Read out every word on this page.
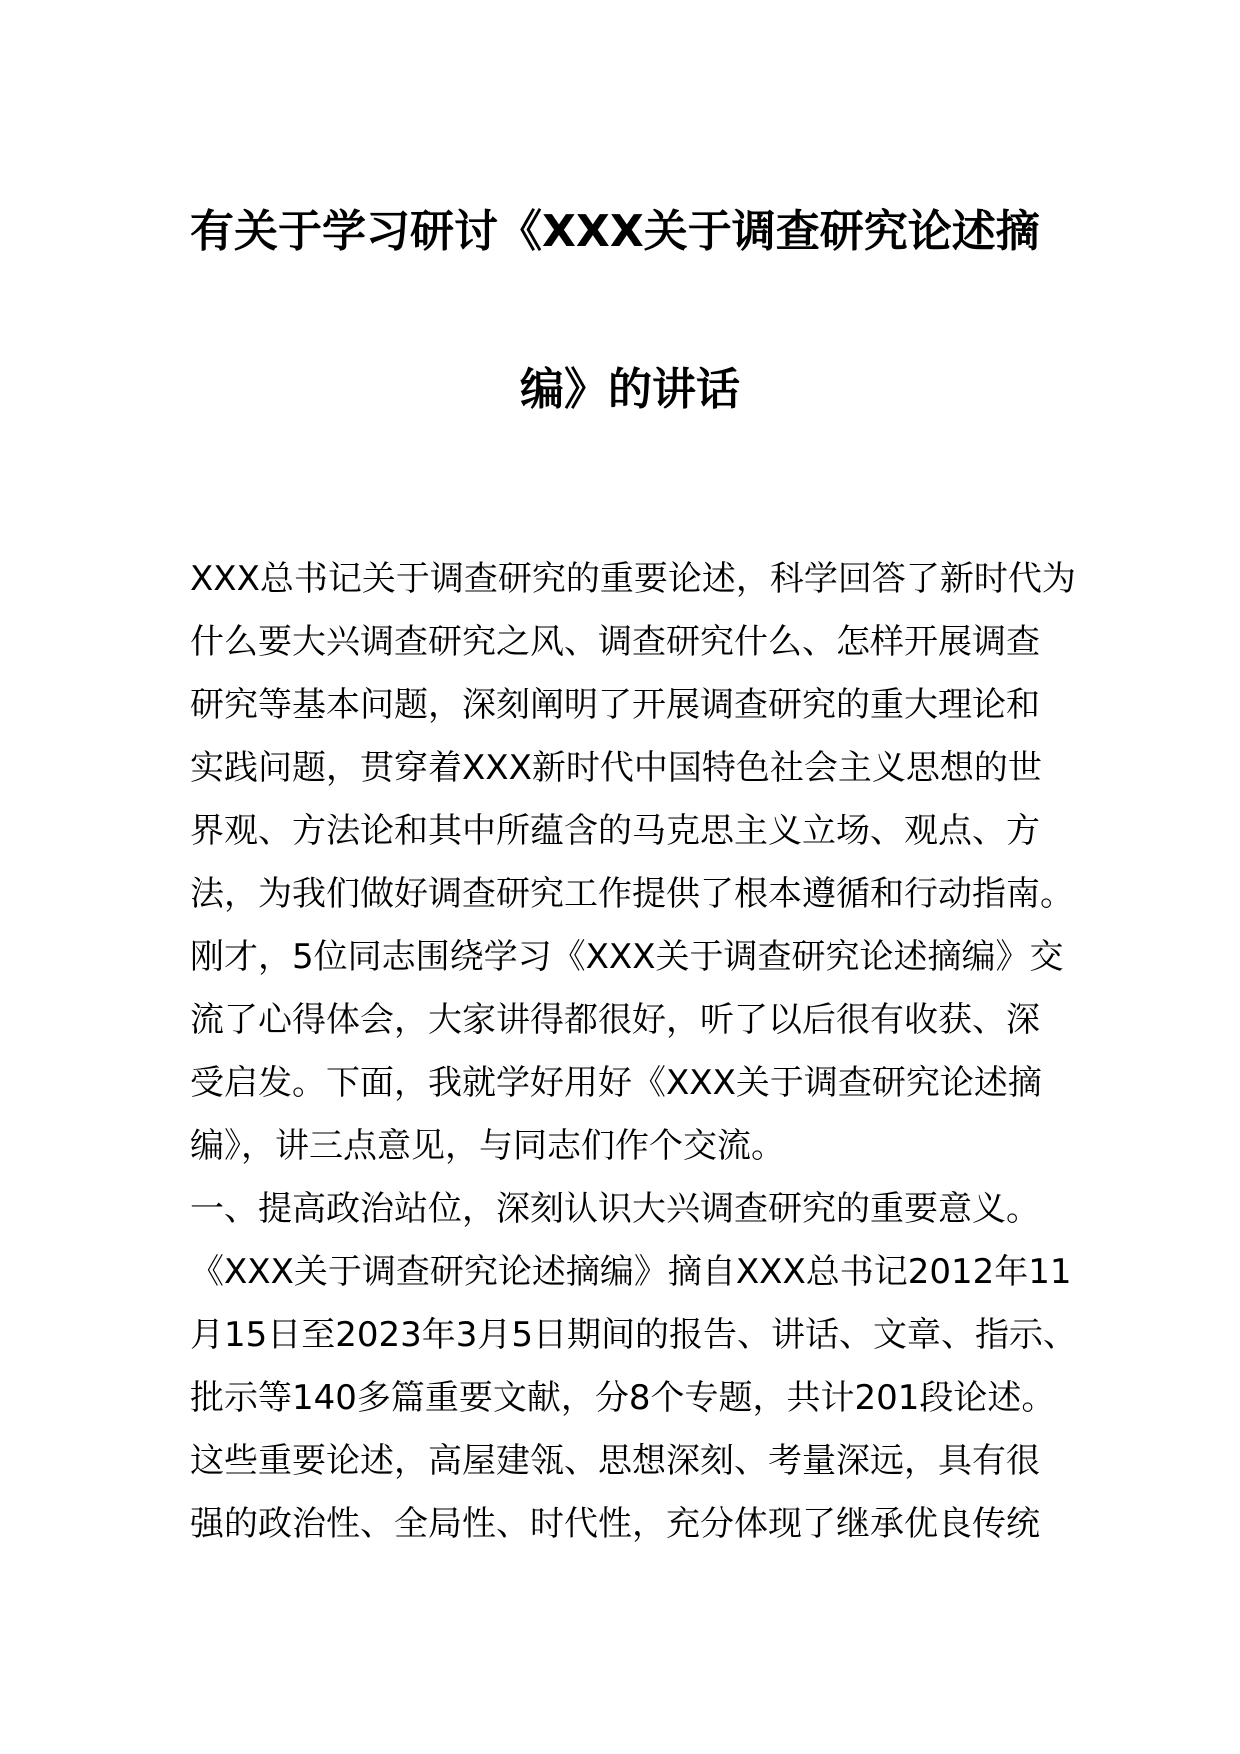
有关于学习研讨《XXX关于调查研究论述摘
编》的讲话
XXX总书记关于调查研究的重要论述，科学回答了新时代为
什么要大兴调查研究之风、调查研究什么、怎样开展调查
研究等基本问题，深刻阐明了开展调查研究的重大理论和
实践问题，贯穿着XXX新时代中国特色社会主义思想的世
界观、方法论和其中所蕴含的马克思主义立场、观点、方
法，为我们做好调查研究工作提供了根本遵循和行动指南。
刚才，5位同志围绕学习《XXX关于调查研究论述摘编》交
流了心得体会，大家讲得都很好，听了以后很有收获、深
受启发。下面，我就学好用好《XXX关于调查研究论述摘
编》，讲三点意见，与同志们作个交流。
一、提高政治站位，深刻认识大兴调查研究的重要意义。
《XXX关于调查研究论述摘编》摘自XXX总书记2012年11
月15日至2023年3月5日期间的报告、讲话、文章、指示、
批示等140多篇重要文献，分8个专题，共计201段论述。
这些重要论述，高屋建瓴、思想深刻、考量深远，具有很
强的政治性、全局性、时代性，充分体现了继承优良传统
